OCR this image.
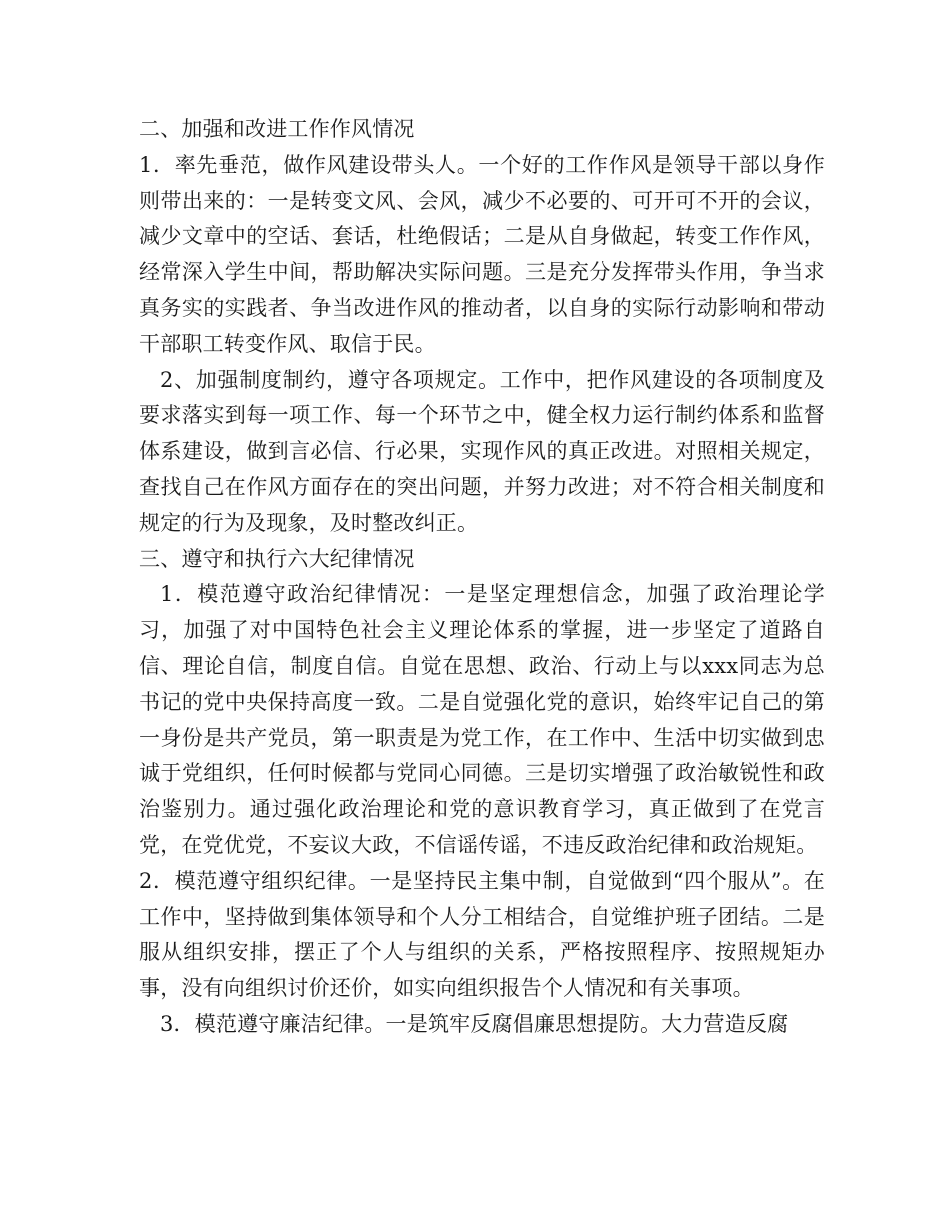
二、加强和改进工作作风情况

1．率先垂范，做作风建设带头人。一个好的工作作风是领导干部以身作则带出来的：一是转变文风、会风，减少不必要的、可开可不开的会议，减少文章中的空话、套话，杜绝假话；二是从自身做起，转变工作作风，经常深入学生中间，帮助解决实际问题。三是充分发挥带头作用，争当求真务实的实践者、争当改进作风的推动者，以自身的实际行动影响和带动干部职工转变作风、取信于民。

2、加强制度制约，遵守各项规定。工作中，把作风建设的各项制度及要求落实到每一项工作、每一个环节之中，健全权力运行制约体系和监督体系建设，做到言必信、行必果，实现作风的真正改进。对照相关规定，查找自己在作风方面存在的突出问题，并努力改进；对不符合相关制度和规定的行为及现象，及时整改纠正。

三、遵守和执行六大纪律情况

1．模范遵守政治纪律情况：一是坚定理想信念，加强了政治理论学习，加强了对中国特色社会主义理论体系的掌握，进一步坚定了道路自信、理论自信，制度自信。自觉在思想、政治、行动上与以xxx同志为总书记的党中央保持高度一致。二是自觉强化党的意识，始终牢记自己的第一身份是共产党员，第一职责是为党工作，在工作中、生活中切实做到忠诚于党组织，任何时候都与党同心同德。三是切实增强了政治敏锐性和政治鉴别力。通过强化政治理论和党的意识教育学习，真正做到了在党言党，在党优党，不妄议大政，不信谣传谣，不违反政治纪律和政治规矩。

2．模范遵守组织纪律。一是坚持民主集中制，自觉做到“四个服从”。在工作中，坚持做到集体领导和个人分工相结合，自觉维护班子团结。二是服从组织安排，摆正了个人与组织的关系，严格按照程序、按照规矩办事，没有向组织讨价还价，如实向组织报告个人情况和有关事项。

3．模范遵守廉洁纪律。一是筑牢反腐倡廉思想提防。大力营造反腐
